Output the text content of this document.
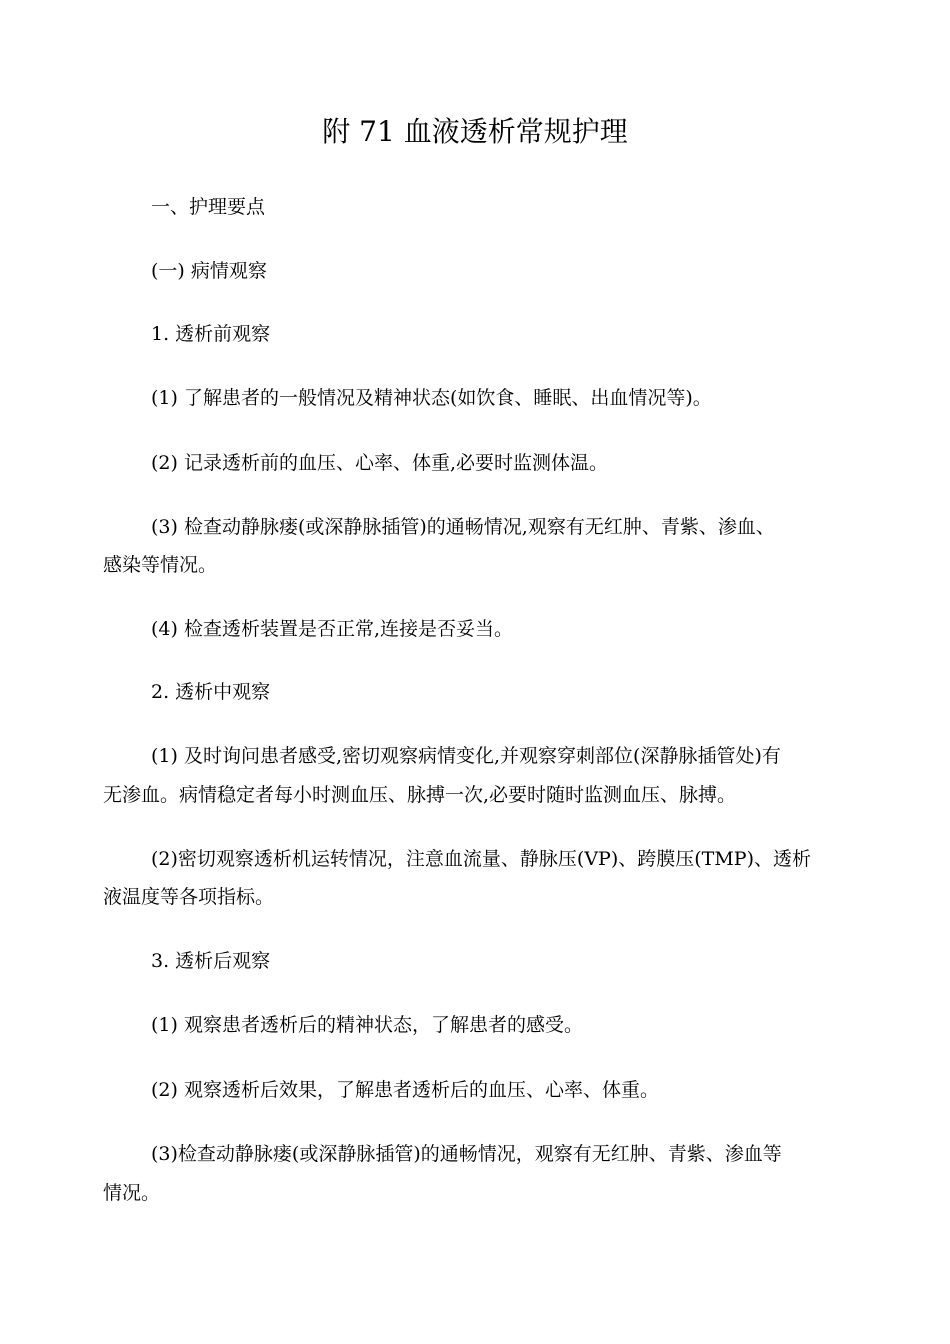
附 71 血液透析常规护理
一、护理要点
(一) 病情观察
1. 透析前观察
(1) 了解患者的一般情况及精神状态(如饮食、睡眠、出血情况等)。
(2) 记录透析前的血压、心率、体重,必要时监测体温。
(3) 检查动静脉瘘(或深静脉插管)的通畅情况,观察有无红肿、青紫、渗血、
感染等情况。
(4) 检查透析装置是否正常,连接是否妥当。
2. 透析中观察
(1) 及时询问患者感受,密切观察病情变化,并观察穿刺部位(深静脉插管处)有
无渗血。病情稳定者每小时测血压、脉搏一次,必要时随时监测血压、脉搏。
(2)密切观察透析机运转情况，注意血流量、静脉压(VP)、跨膜压(TMP)、透析
液温度等各项指标。
3. 透析后观察
(1) 观察患者透析后的精神状态，了解患者的感受。
(2) 观察透析后效果，了解患者透析后的血压、心率、体重。
(3)检查动静脉瘘(或深静脉插管)的通畅情况，观察有无红肿、青紫、渗血等
情况。
